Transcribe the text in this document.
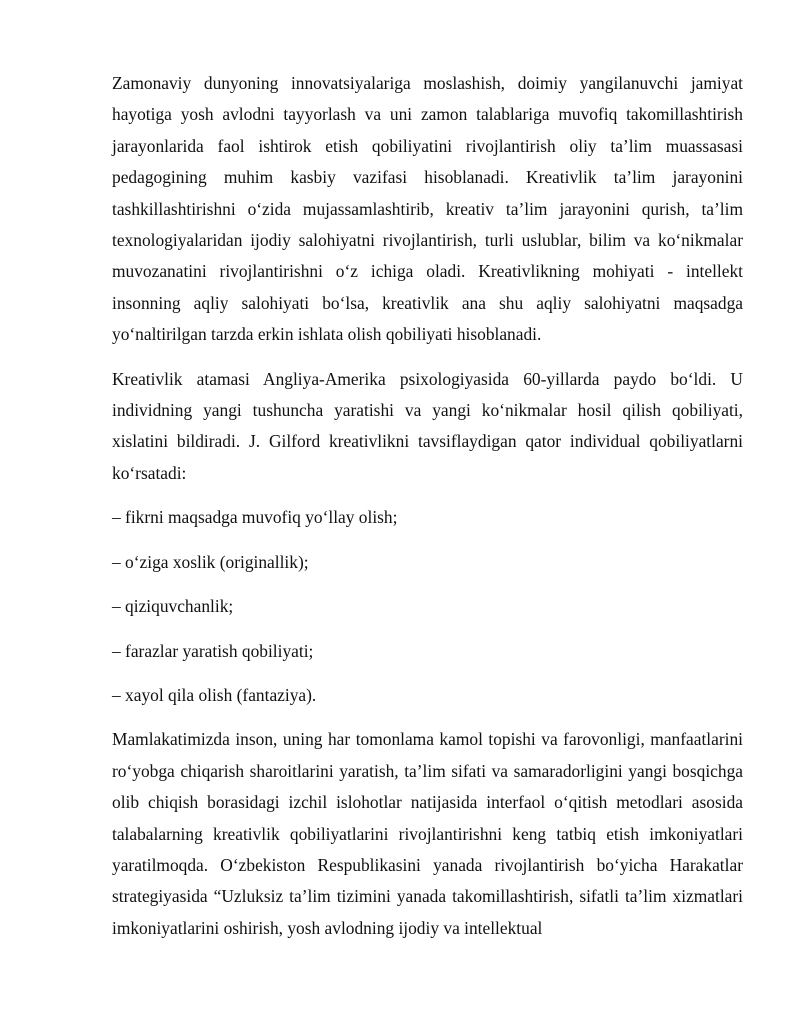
Zamonaviy dunyoning innovatsiyalariga moslashish, doimiy yangilanuvchi jamiyat hayotiga yosh avlodni tayyorlash va uni zamon talablariga muvofiq takomillashtirish jarayonlarida faol ishtirok etish qobiliyatini rivojlantirish oliy ta’lim muassasasi pedagogining muhim kasbiy vazifasi hisoblanadi. Kreativlik ta’lim jarayonini tashkillashtirishni o‘zida mujassamlashtirib, kreativ ta’lim jarayonini qurish, ta’lim texnologiyalaridan ijodiy salohiyatni rivojlantirish, turli uslublar, bilim va ko‘nikmalar muvozanatini rivojlantirishni o‘z ichiga oladi. Kreativlikning mohiyati - intellekt insonning aqliy salohiyati bo‘lsa, kreativlik ana shu aqliy salohiyatni maqsadga yo‘naltirilgan tarzda erkin ishlata olish qobiliyati hisoblanadi.

Kreativlik atamasi Angliya-Amerika psixologiyasida 60-yillarda paydo bo‘ldi. U individning yangi tushuncha yaratishi va yangi ko‘nikmalar hosil qilish qobiliyati, xislatini bildiradi. J. Gilford kreativlikni tavsiflaydigan qator individual qobiliyatlarni ko‘rsatadi:

– fikrni maqsadga muvofiq yo‘llay olish;
– o‘ziga xoslik (originallik);
– qiziquvchanlik;
– farazlar yaratish qobiliyati;
– xayol qila olish (fantaziya).

Mamlakatimizda inson, uning har tomonlama kamol topishi va farovonligi, manfaatlarini ro‘yobga chiqarish sharoitlarini yaratish, ta’lim sifati va samaradorligini yangi bosqichga olib chiqish borasidagi izchil islohotlar natijasida interfaol o‘qitish metodlari asosida talabalarning kreativlik qobiliyatlarini rivojlantirishni keng tatbiq etish imkoniyatlari yaratilmoqda. O‘zbekiston Respublikasini yanada rivojlantirish bo‘yicha Harakatlar strategiyasida “Uzluksiz ta’lim tizimini yanada takomillashtirish, sifatli ta’lim xizmatlari imkoniyatlarini oshirish, yosh avlodning ijodiy va intellektual
